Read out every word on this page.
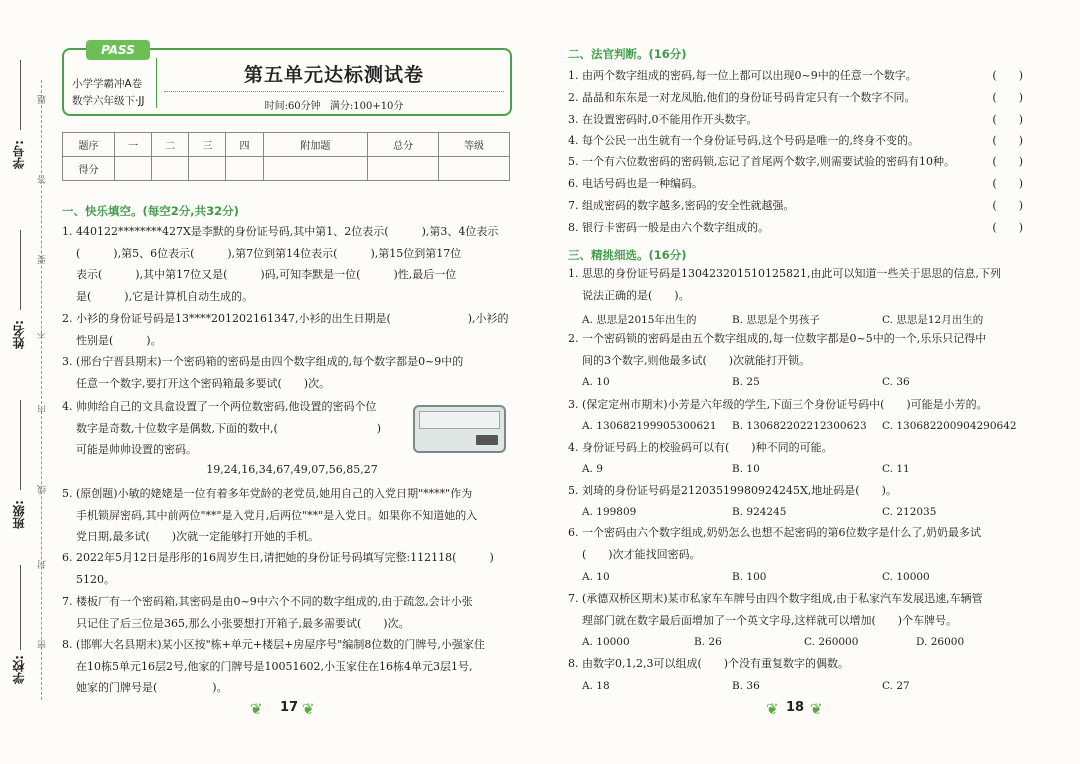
学号:
姓名:
班级:
学校:
题
答
要
不
内
线
封
密
PASS
小学学霸冲A卷
数学六年级下·JJ
第五单元达标测试卷
时间:60分钟 满分:100+10分
题序	一	二	三	四	附加题	总分	等级
得分							
一、快乐填空。(每空2分,共32分)
1. 440122********427X是李默的身份证号码,其中第1、2位表示(　　　),第3、4位表示
(　　　),第5、6位表示(　　　),第7位到第14位表示(　　　),第15位到第17位
表示(　　　),其中第17位又是(　　　)码,可知李默是一位(　　　)性,最后一位
是(　　　),它是计算机自动生成的。
2. 小衫的身份证号码是13****201202161347,小衫的出生日期是(　　　　　　　),小衫的
性别是(　　　)。
3. (邢台宁晋县期末)一个密码箱的密码是由四个数字组成的,每个数字都是0~9中的
任意一个数字,要打开这个密码箱最多要试(　　)次。
4. 帅帅给自己的文具盒设置了一个两位数密码,他设置的密码个位
数字是奇数,十位数字是偶数,下面的数中,(　　　　　　　　　)
可能是帅帅设置的密码。
19,24,16,34,67,49,07,56,85,27
5. (原创题)小敏的姥姥是一位有着多年党龄的老党员,她用自己的入党日期"****"作为
手机锁屏密码,其中前两位"**"是入党月,后两位"**"是入党日。如果你不知道她的入
党日期,最多试(　　)次就一定能够打开她的手机。
6. 2022年5月12日是彤彤的16周岁生日,请把她的身份证号码填写完整:112118(　　　)
5120。
7. 楼板厂有一个密码箱,其密码是由0~9中六个不同的数字组成的,由于疏忽,会计小张
只记住了后三位是365,那么小张要想打开箱子,最多需要试(　　)次。
8. (邯郸大名县期末)某小区按"栋+单元+楼层+房屋序号"编制8位数的门牌号,小强家住
在10栋5单元16层2号,他家的门牌号是10051602,小玉家住在16栋4单元3层1号,
她家的门牌号是(　　　　　)。
❦ 17 ❦
二、法官判断。(16分)
1. 由两个数字组成的密码,每一位上都可以出现0~9中的任意一个数字。	(　　)
2. 晶晶和东东是一对龙凤胎,他们的身份证号码肯定只有一个数字不同。	(　　)
3. 在设置密码时,0不能用作开头数字。	(　　)
4. 每个公民一出生就有一个身份证号码,这个号码是唯一的,终身不变的。	(　　)
5. 一个有六位数密码的密码锁,忘记了首尾两个数字,则需要试验的密码有10种。	(　　)
6. 电话号码也是一种编码。	(　　)
7. 组成密码的数字越多,密码的安全性就越强。	(　　)
8. 银行卡密码一般是由六个数字组成的。	(　　)
三、精挑细选。(16分)
1. 思思的身份证号码是130423201510125821,由此可以知道一些关于思思的信息,下列
说法正确的是(　　)。
A. 思思是2015年出生的	B. 思思是个男孩子	C. 思思是12月出生的
2. 一个密码锁的密码是由五个数字组成的,每一位数字都是0~5中的一个,乐乐只记得中
间的3个数字,则他最多试(　　)次就能打开锁。
A. 10	B. 25	C. 36
3. (保定定州市期末)小芳是六年级的学生,下面三个身份证号码中(　　)可能是小芳的。
A. 130682199905300621 B. 130682202212300623 C. 130682200904290642
4. 身份证号码上的校验码可以有(　　)种不同的可能。
A. 9	B. 10	C. 11
5. 刘琦的身份证号码是21203519980924245X,地址码是(　　)。
A. 199809	B. 924245	C. 212035
6. 一个密码由六个数字组成,奶奶怎么也想不起密码的第6位数字是什么了,奶奶最多试
(　　)次才能找回密码。
A. 10	B. 100	C. 10000
7. (承德双桥区期末)某市私家车车牌号由四个数字组成,由于私家汽车发展迅速,车辆管
理部门就在数字最后面增加了一个英文字母,这样就可以增加(　　)个车牌号。
A. 10000	B. 26	C. 260000	D. 26000
8. 由数字0,1,2,3可以组成(　　)个没有重复数字的偶数。
A. 18	B. 36	C. 27
❦ 18 ❦
